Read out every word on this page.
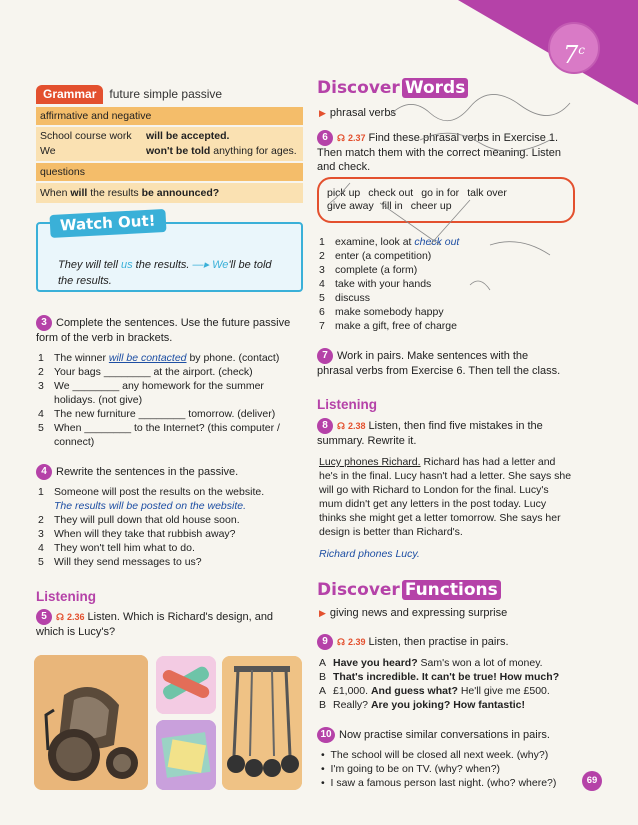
7$^c$
Grammar future simple passive
affirmative and negative
School course work will be accepted.
We	won't be told anything for ages.
questions
When will the results be announced?
Watch Out!
They will tell us the results. —▸ We'll be told
the results.
3 Complete the sentences. Use the future passive
form of the verb in brackets.
1 The winner will be contacted by phone. (contact)
2 Your bags ________ at the airport. (check)
3 We ________ any homework for the summer
holidays. (not give)
4 The new furniture ________ tomorrow. (deliver)
5 When ________ to the Internet? (this computer /
connect)
4 Rewrite the sentences in the passive.
1 Someone will post the results on the website.
The results will be posted on the website.
2 They will pull down that old house soon.
3 When will they take that rubbish away?
4 They won't tell him what to do.
5 Will they send messages to us?
Listening
5 ☊ 2.36 Listen. Which is Richard's design, and
which is Lucy's?
Discover Words
▶ phrasal verbs
6 ☊ 2.37 Find these phrasal verbs in Exercise 1.
Then match them with the correct meaning. Listen
and check.
pick up check out go in for talk over
give away fill in cheer up
1 examine, look at check out
2 enter (a competition)
3 complete (a form)
4 take with your hands
5 discuss
6 make somebody happy
7 make a gift, free of charge
7 Work in pairs. Make sentences with the
phrasal verbs from Exercise 6. Then tell the class.
Listening
8 ☊ 2.38 Listen, then find five mistakes in the
summary. Rewrite it.
Lucy phones Richard. Richard has had a letter and
he's in the final. Lucy hasn't had a letter. She says she
will go with Richard to London for the final. Lucy's
mum didn't get any letters in the post today. Lucy
thinks she might get a letter tomorrow. She says her
design is better than Richard's.
Richard phones Lucy.
Discover Functions
▶ giving news and expressing surprise
9 ☊ 2.39 Listen, then practise in pairs.
A Have you heard? Sam's won a lot of money.
B That's incredible. It can't be true! How much?
A £1,000. And guess what? He'll give me £500.
B Really? Are you joking? How fantastic!
10 Now practise similar conversations in pairs.
•  The school will be closed all next week. (why?)
•  I'm going to be on TV. (why? when?)
•  I saw a famous person last night. (who? where?)	69
